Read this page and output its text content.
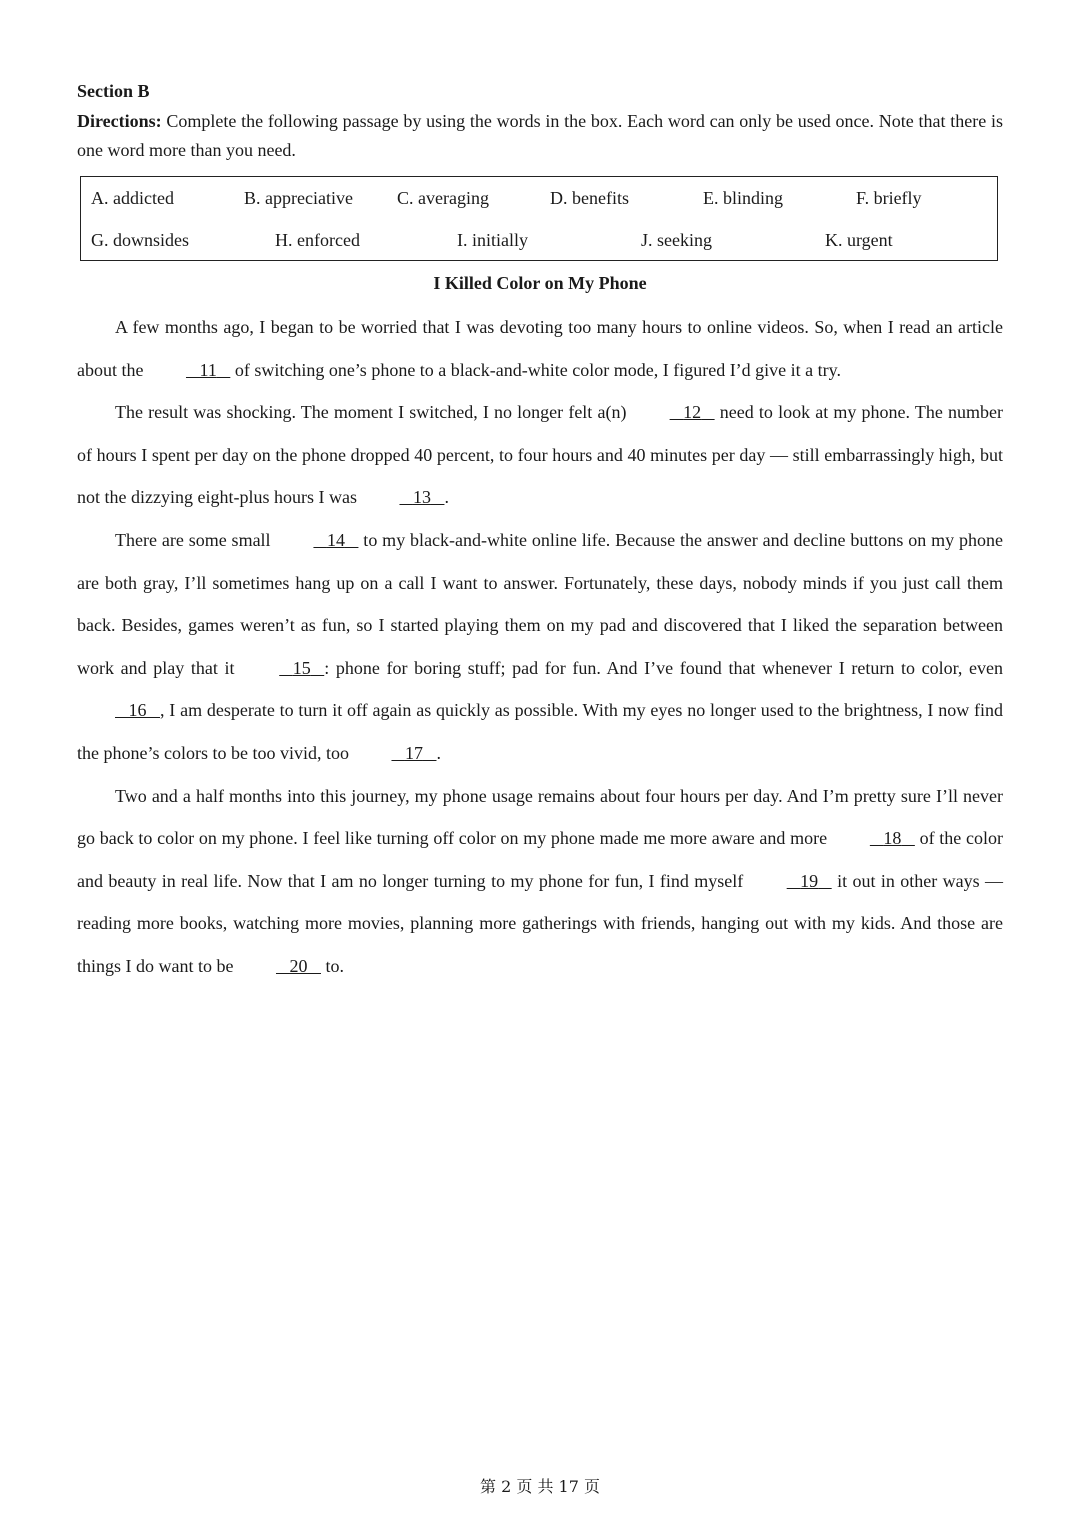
Section B
Directions: Complete the following passage by using the words in the box. Each word can only be used once. Note that there is one word more than you need.
A. addicted	B. appreciative C. averaging	D. benefits	E. blinding	F. briefly
G. downsides	H. enforced	I. initially	J. seeking	K. urgent
I Killed Color on My Phone

A few months ago, I began to be worried that I was devoting too many hours to online videos. So, when I read an article about the	11    of switching one’s phone to a black-and-white color mode, I figured I’d give it a try.

The result was shocking. The moment I switched, I no longer felt a(n)	12    need to look at my phone. The number of hours I spent per day on the phone dropped 40 percent, to four hours and 40 minutes per day — still embarrassingly high, but not the dizzying eight-plus hours I was	13 .

There are some small	14    to my black-and-white online life. Because the answer and decline buttons on my phone are both gray, I’ll sometimes hang up on a call I want to answer. Fortunately, these days, nobody minds if you just call them back. Besides, games weren’t as fun, so I started playing them on my pad and discovered that I liked the separation between work and play that it	15 : phone for boring stuff; pad for fun. And I’ve found that whenever I return to color, even    16 , I am desperate to turn it off again as quickly as possible. With my eyes no longer used to the brightness, I now find the phone’s colors to be too vivid, too	17 .

Two and a half months into this journey, my phone usage remains about four hours per day. And I’m pretty sure I’ll never go back to color on my phone. I feel like turning off color on my phone made me more aware and more	18    of the color and beauty in real life. Now that I am no longer turning to my phone for fun, I find myself	19    it out in other ways — reading more books, watching more movies, planning more gatherings with friends, hanging out with my kids. And those are things I do want to be	20    to.

第 2 页 共 17 页
